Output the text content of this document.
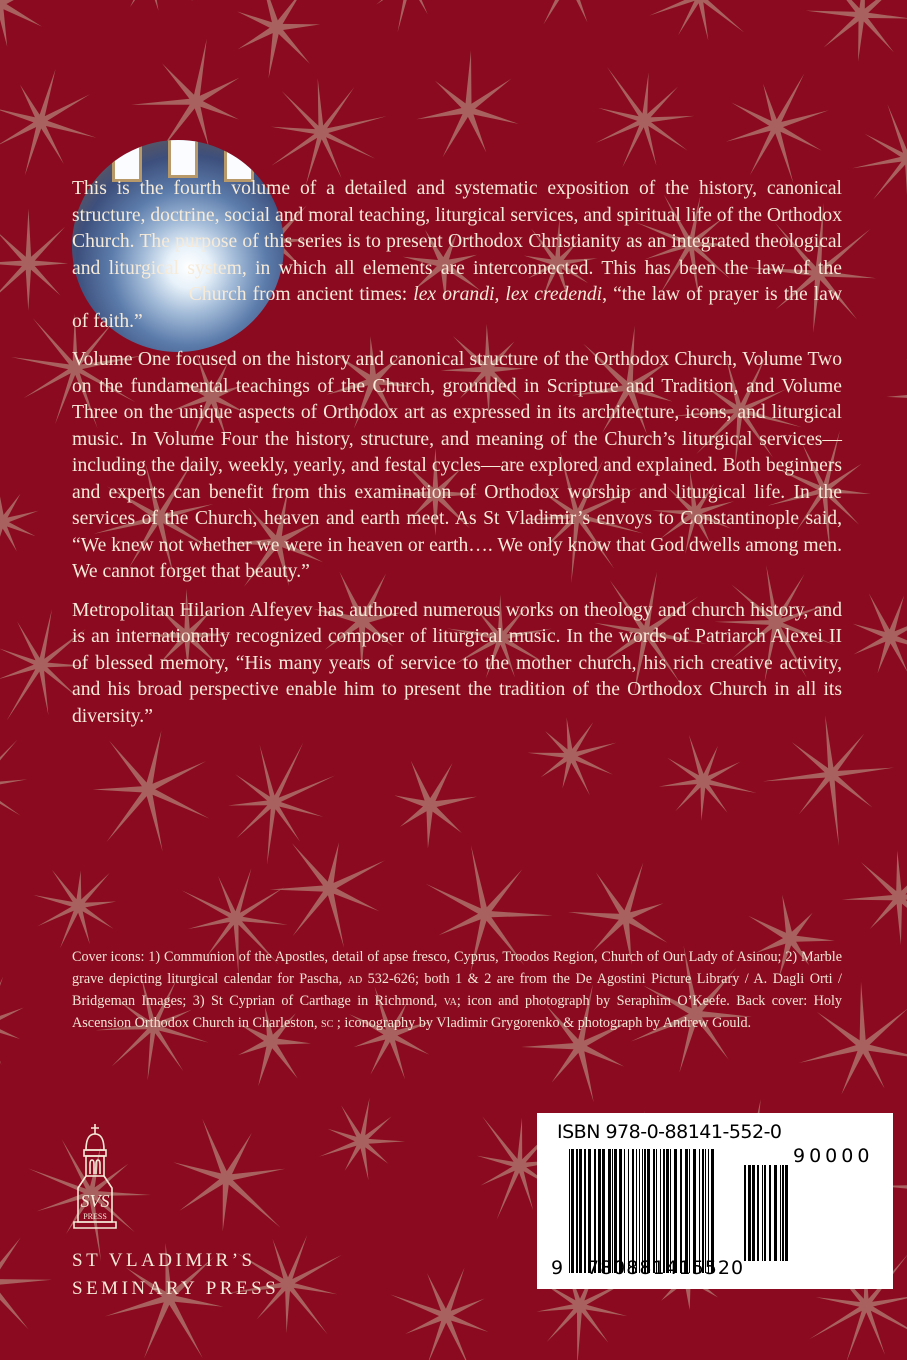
This is the fourth volume of a detailed and systematic exposition of the history, canonical structure, doctrine, social and moral teaching, liturgical services, and spiritual life of the Orthodox Church. The purpose of this series is to present Orthodox Christianity as an integrated theological and liturgical system, in which all elements are interconnected. This has been the law of the Church from ancient times: lex orandi, lex credendi, “the law of prayer is the law of faith.”

Volume One focused on the history and canonical structure of the Orthodox Church, Volume Two on the fundamental teachings of the Church, grounded in Scripture and Tradition, and Volume Three on the unique aspects of Orthodox art as expressed in its architecture, icons, and liturgical music. In Volume Four the history, structure, and meaning of the Church’s liturgical services—including the daily, weekly, yearly, and festal cycles—are explored and explained. Both beginners and experts can benefit from this examination of Orthodox worship and liturgical life. In the services of the Church, heaven and earth meet. As St Vladimir’s envoys to Constantinople said, “We knew not whether we were in heaven or earth…. We only know that God dwells among men. We cannot forget that beauty.”

Metropolitan Hilarion Alfeyev has authored numerous works on theology and church history, and is an internationally recognized composer of liturgical music. In the words of Patriarch Alexei II of blessed memory, “His many years of service to the mother church, his rich creative activity, and his broad perspective enable him to present the tradition of the Orthodox Church in all its diversity.”

Cover icons: 1) Communion of the Apostles, detail of apse fresco, Cyprus, Troodos Region, Church of Our Lady of Asinou; 2) Marble grave depicting liturgical calendar for Pascha, ad 532-626; both 1 & 2 are from the De Agostini Picture Library / A. Dagli Orti / Bridgeman Images; 3) St Cyprian of Carthage in Richmond, va; icon and photograph by Seraphim O’Keefe. Back cover: Holy Ascension Orthodox Church in Charleston, sc ; iconography by Vladimir Grygorenko & photograph by Andrew Gould.
ISBN 978-0-88141-552-0
9 780881415520
90000
SVS
PRESS
ST VLADIMIR’S
SEMINARY PRESS
